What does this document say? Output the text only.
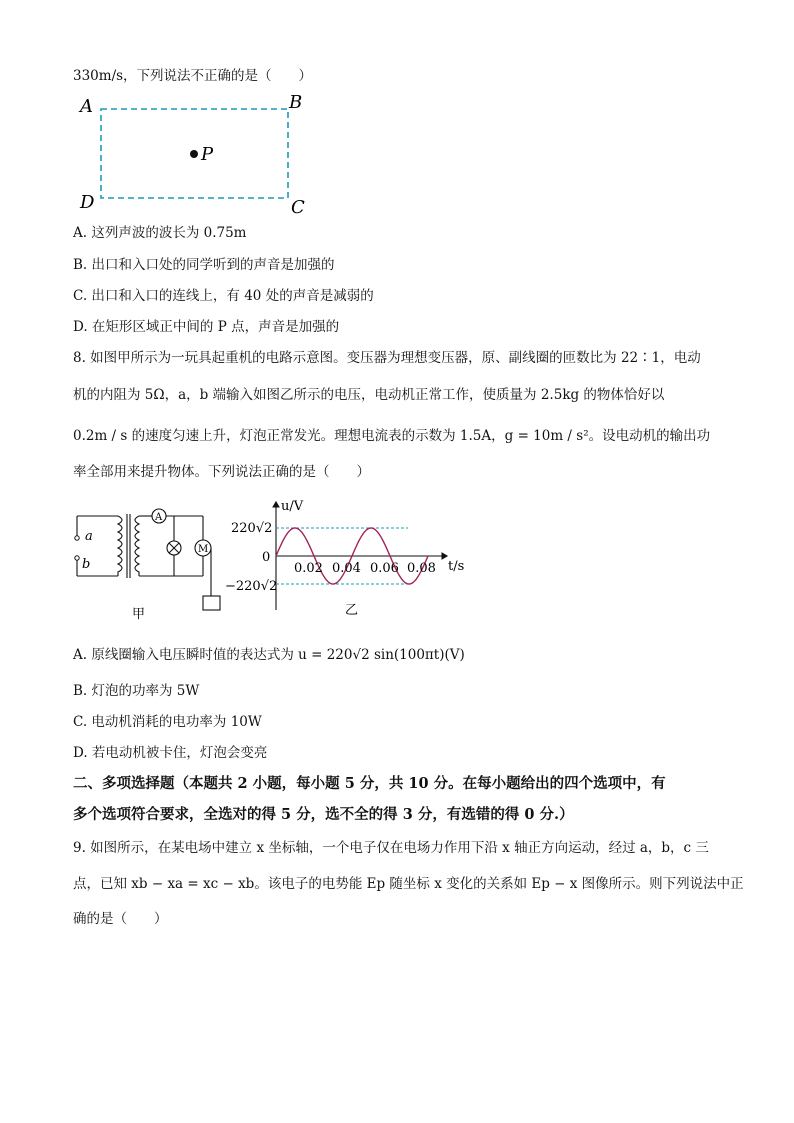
330m/s，下列说法不正确的是（　　）
A	B
C
D
P
A. 这列声波的波长为 0.75m
B. 出口和入口处的同学听到的声音是加强的
C. 出口和入口的连线上，有 40 处的声音是减弱的
D. 在矩形区域正中间的 P 点，声音是加强的
8. 如图甲所示为一玩具起重机的电路示意图。变压器为理想变压器，原、副线圈的匝数比为 22∶1，电动
机的内阻为 5Ω，a，b 端输入如图乙所示的电压，电动机正常工作，使质量为 2.5kg 的物体恰好以
0.2m / s 的速度匀速上升，灯泡正常发光。理想电流表的示数为 1.5A，g = 10m / s²。设电动机的输出功
率全部用来提升物体。下列说法正确的是（　　）
a
b
A
M
甲
u/V
t/s
220√2
0
−220√2
0.02 0.04 0.06 0.08
乙
A. 原线圈输入电压瞬时值的表达式为 u = 220√2 sin(100πt)(V)
B. 灯泡的功率为 5W
C. 电动机消耗的电功率为 10W
D. 若电动机被卡住，灯泡会变亮
二、多项选择题（本题共 2 小题，每小题 5 分，共 10 分。在每小题给出的四个选项中，有
多个选项符合要求，全选对的得 5 分，选不全的得 3 分，有选错的得 0 分.）
9. 如图所示，在某电场中建立 x 坐标轴，一个电子仅在电场力作用下沿 x 轴正方向运动，经过 a，b，c 三
点，已知 xb − xa = xc − xb。该电子的电势能 Ep 随坐标 x 变化的关系如 Ep − x 图像所示。则下列说法中正
确的是（　　）
